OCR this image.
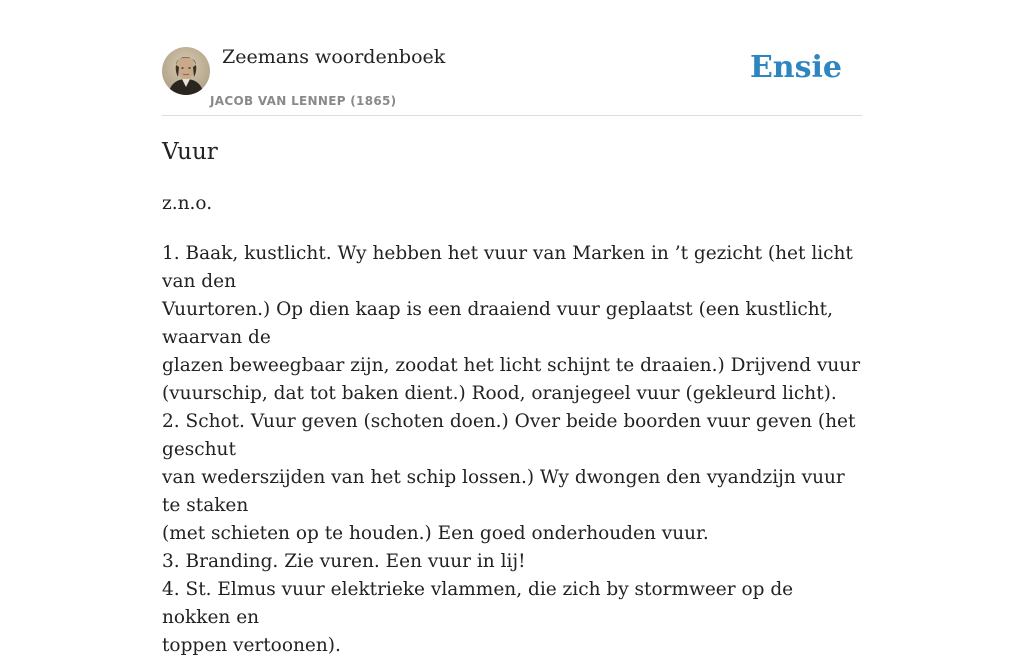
Zeemans woordenboek
JACOB VAN LENNEP (1865)
Ensie
Vuur

z.n.o.

1. Baak, kustlicht. Wy hebben het vuur van Marken in ’t gezicht (het licht van den
Vuurtoren.) Op dien kaap is een draaiend vuur geplaatst (een kustlicht, waarvan de
glazen beweegbaar zijn, zoodat het licht schijnt te draaien.) Drijvend vuur
(vuurschip, dat tot baken dient.) Rood, oranjegeel vuur (gekleurd licht).
2. Schot. Vuur geven (schoten doen.) Over beide boorden vuur geven (het geschut
van wederszijden van het schip lossen.) Wy dwongen den vyandzijn vuur te staken
(met schieten op te houden.) Een goed onderhouden vuur.
3. Branding. Zie vuren. Een vuur in lij!
4. St. Elmus vuur elektrieke vlammen, die zich by stormweer op de nokken en
toppen vertoonen).
